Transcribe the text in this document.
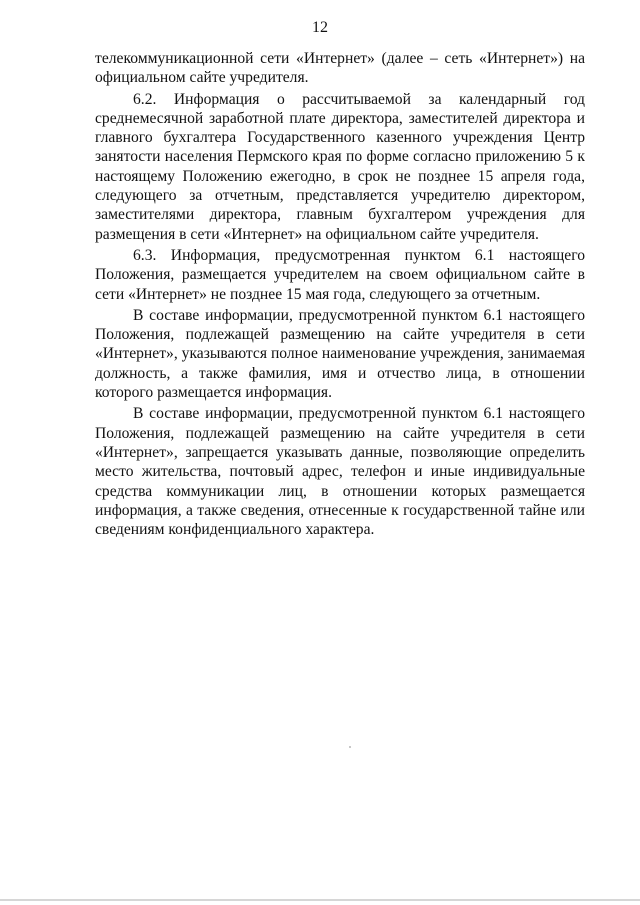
12

телекоммуникационной сети «Интернет» (далее – сеть «Интернет») на официальном сайте учредителя.

6.2. Информация о рассчитываемой за календарный год среднемесячной заработной плате директора, заместителей директора и главного бухгалтера Государственного казенного учреждения Центр занятости населения Пермского края по форме согласно приложению 5 к настоящему Положению ежегодно, в срок не позднее 15 апреля года, следующего за отчетным, представляется учредителю директором, заместителями директора, главным бухгалтером учреждения для размещения в сети «Интернет» на официальном сайте учредителя.

6.3. Информация, предусмотренная пунктом 6.1 настоящего Положения, размещается учредителем на своем официальном сайте в сети «Интернет» не позднее 15 мая года, следующего за отчетным.

В составе информации, предусмотренной пунктом 6.1 настоящего Положения, подлежащей размещению на сайте учредителя в сети «Интернет», указываются полное наименование учреждения, занимаемая должность, а также фамилия, имя и отчество лица, в отношении которого размещается информация.

В составе информации, предусмотренной пунктом 6.1 настоящего Положения, подлежащей размещению на сайте учредителя в сети «Интернет», запрещается указывать данные, позволяющие определить место жительства, почтовый адрес, телефон и иные индивидуальные средства коммуникации лиц, в отношении которых размещается информация, а также сведения, отнесенные к государственной тайне или сведениям конфиденциального характера.
